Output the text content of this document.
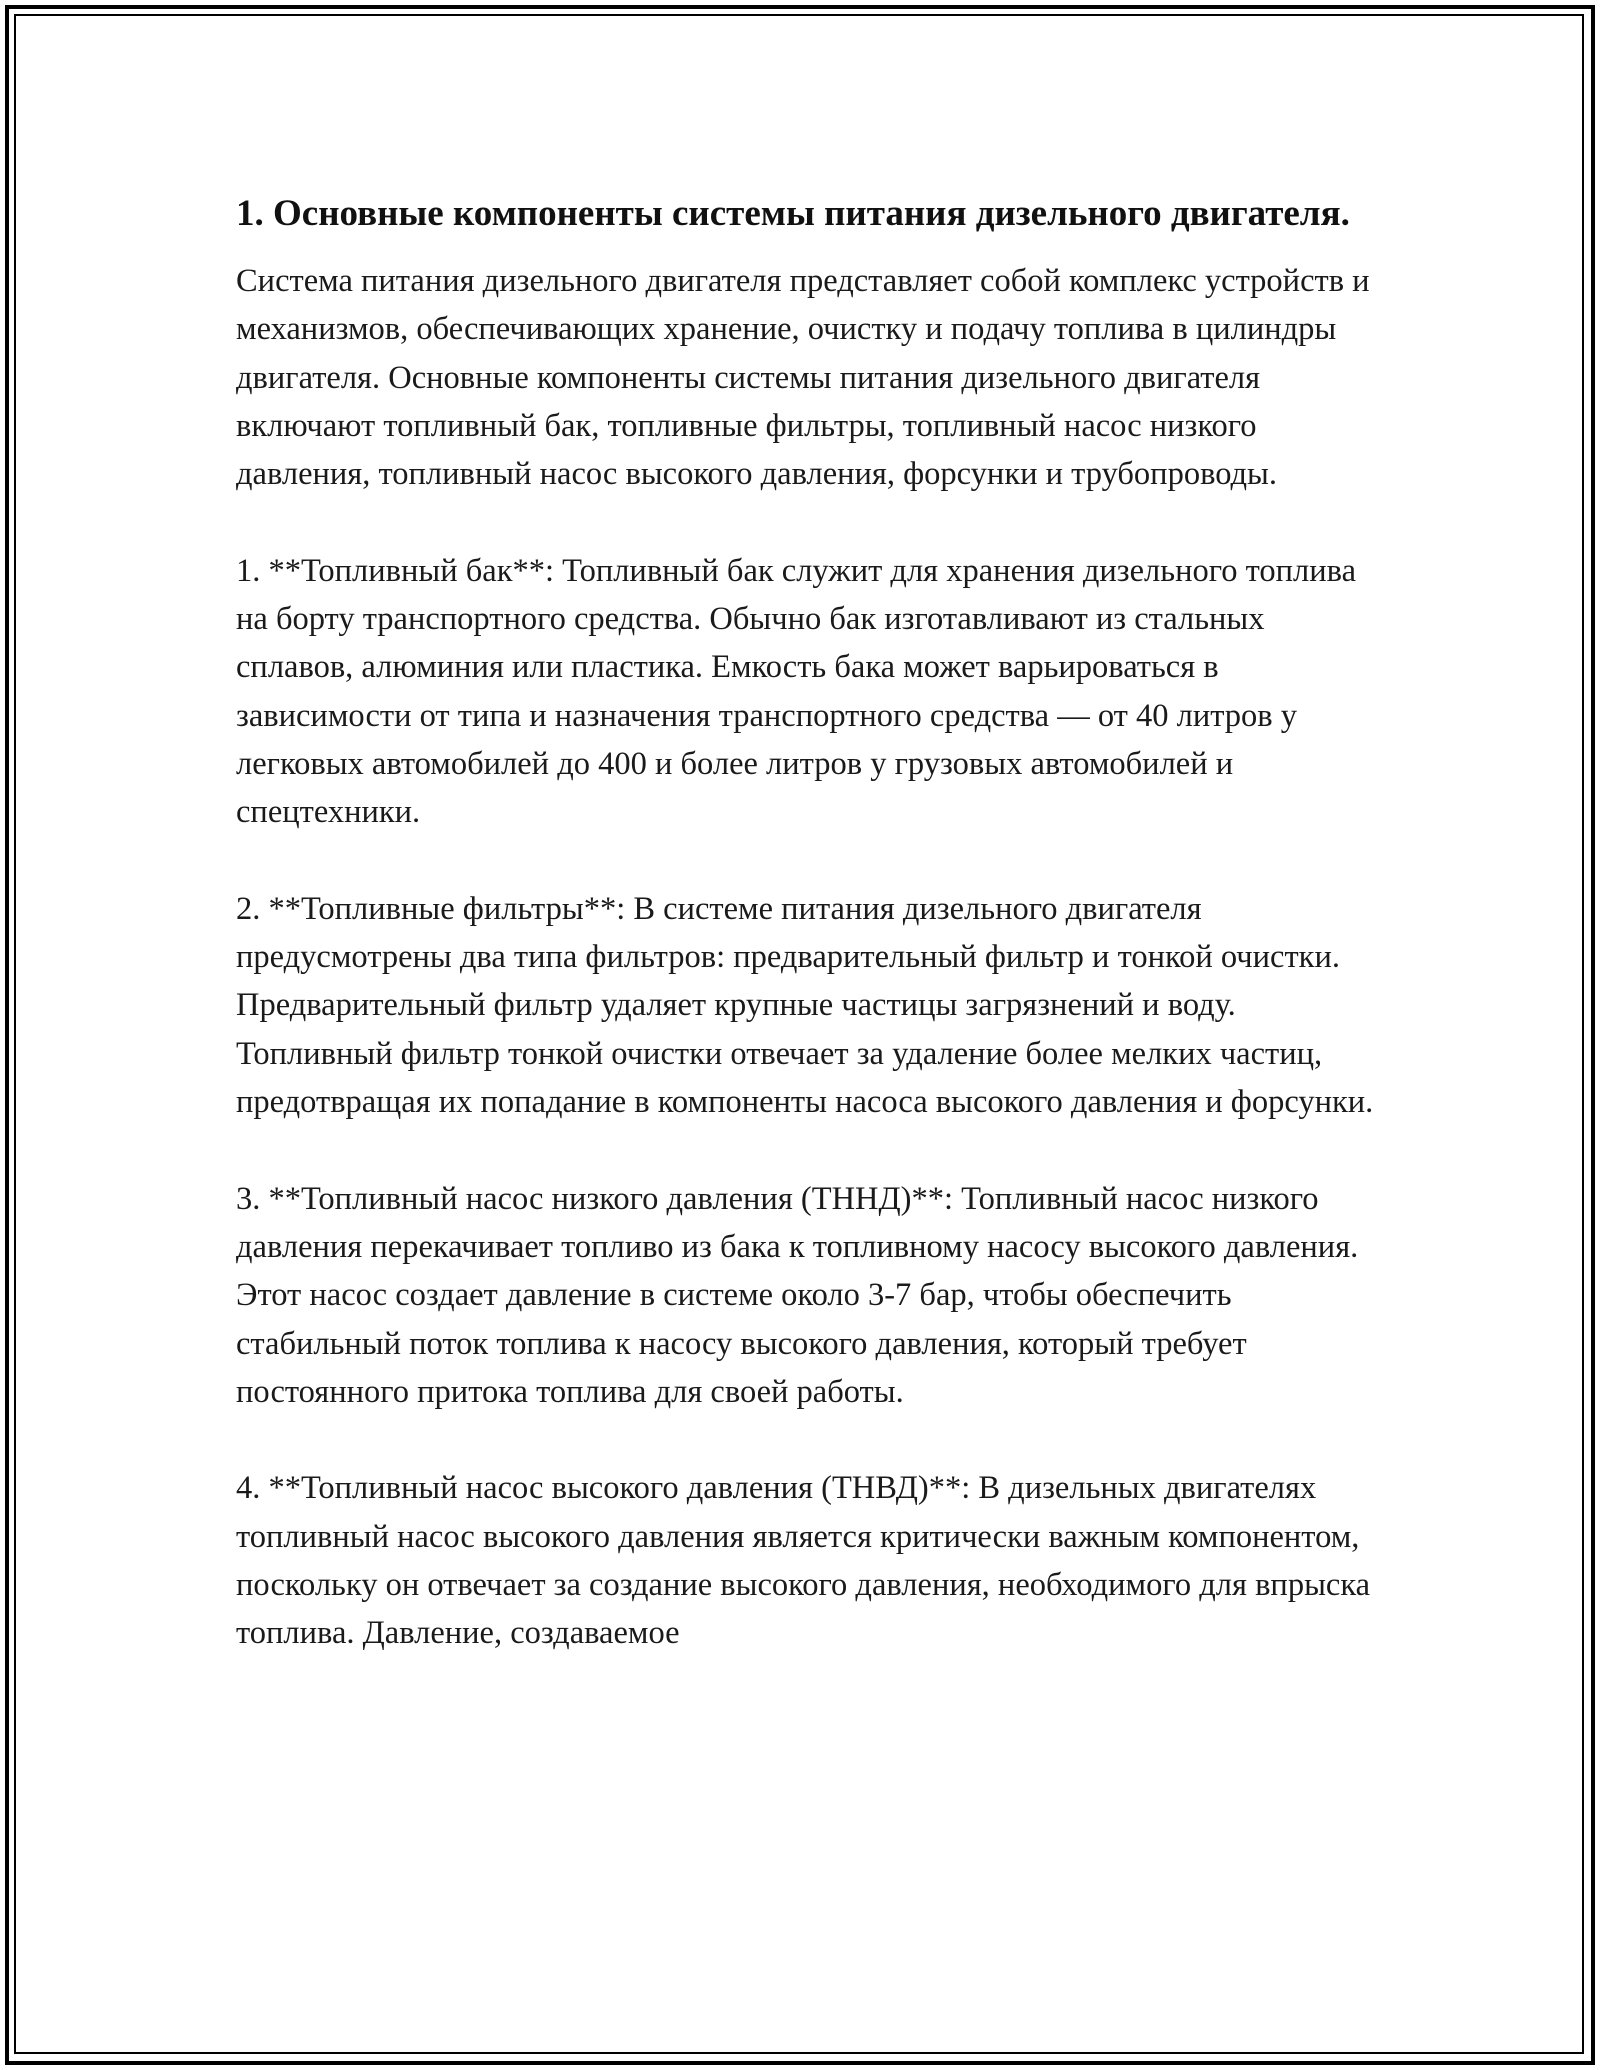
1. Основные компоненты системы питания дизельного двигателя.

Система питания дизельного двигателя представляет собой комплекс устройств и механизмов, обеспечивающих хранение, очистку и подачу топлива в цилиндры двигателя. Основные компоненты системы питания дизельного двигателя включают топливный бак, топливные фильтры, топливный насос низкого давления, топливный насос высокого давления, форсунки и трубопроводы.

1. **Топливный бак**: Топливный бак служит для хранения дизельного топлива на борту транспортного средства. Обычно бак изготавливают из стальных сплавов, алюминия или пластика. Емкость бака может варьироваться в зависимости от типа и назначения транспортного средства — от 40 литров у легковых автомобилей до 400 и более литров у грузовых автомобилей и спецтехники.

2. **Топливные фильтры**: В системе питания дизельного двигателя предусмотрены два типа фильтров: предварительный фильтр и тонкой очистки. Предварительный фильтр удаляет крупные частицы загрязнений и воду. Топливный фильтр тонкой очистки отвечает за удаление более мелких частиц, предотвращая их попадание в компоненты насоса высокого давления и форсунки.

3. **Топливный насос низкого давления (ТННД)**: Топливный насос низкого давления перекачивает топливо из бака к топливному насосу высокого давления. Этот насос создает давление в системе около 3-7 бар, чтобы обеспечить стабильный поток топлива к насосу высокого давления, который требует постоянного притока топлива для своей работы.

4. **Топливный насос высокого давления (ТНВД)**: В дизельных двигателях топливный насос высокого давления является критически важным компонентом, поскольку он отвечает за создание высокого давления, необходимого для впрыска топлива. Давление, создаваемое
